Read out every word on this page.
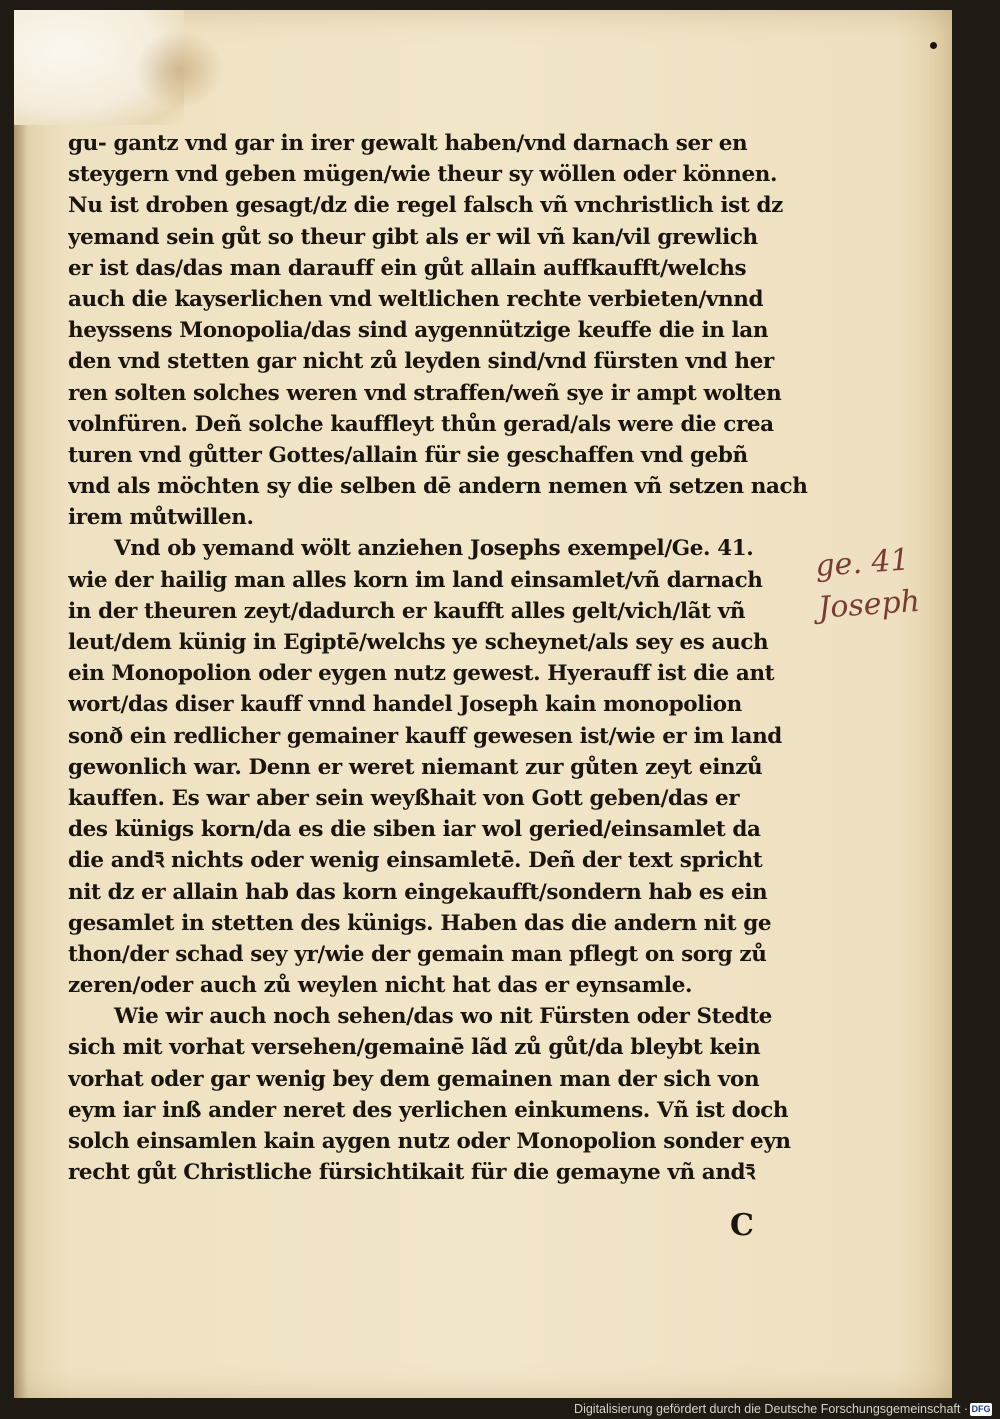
gu- gantz vnd gar in irer gewalt haben/vnd darnach ser en
steygern vnd geben mügen/wie theur sy wöllen oder können.
Nu ist droben gesagt/dz die regel falsch vñ vnchristlich ist dz
yemand sein gůt so theur gibt als er wil vñ kan/vil grewlich
er ist das/das man darauff ein gůt allain auffkaufft/welchs
auch die kayserlichen vnd weltlichen rechte verbieten/vnnd
heyssens Monopolia/das sind aygennützige keuffe die in lan
den vnd stetten gar nicht zů leyden sind/vnd fürsten vnd her
ren solten solches weren vnd straffen/weñ sye ir ampt wolten
volnfüren. Deñ solche kauffleyt thůn gerad/als were die crea
turen vnd gůtter Gottes/allain für sie geschaffen vnd gebñ
vnd als möchten sy die selben dē andern nemen vñ setzen nach
irem můtwillen.
Vnd ob yemand wölt anziehen Josephs exempel/Ge. 41.
wie der hailig man alles korn im land einsamlet/vñ darnach
in der theuren zeyt/dadurch er kaufft alles gelt/vich/lãt vñ
leut/dem künig in Egiptē/welchs ye scheynet/als sey es auch
ein Monopolion oder eygen nutz gewest. Hyerauff ist die ant
wort/das diser kauff vnnd handel Joseph kain monopolion
sonð ein redlicher gemainer kauff gewesen ist/wie er im land
gewonlich war. Denn er weret niemant zur gůten zeyt einzů
kauffen. Es war aber sein weyßhait von Gott geben/das er
des künigs korn/da es die siben iar wol geried/einsamlet da
die andꝛ̄ nichts oder wenig einsamletē. Deñ der text spricht
nit dz er allain hab das korn eingekaufft/sondern hab es ein
gesamlet in stetten des künigs. Haben das die andern nit ge
thon/der schad sey yr/wie der gemain man pflegt on sorg zů
zeren/oder auch zů weylen nicht hat das er eynsamle.
Wie wir auch noch sehen/das wo nit Fürsten oder Stedte
sich mit vorhat versehen/gemainē lãd zů gůt/da bleybt kein
vorhat oder gar wenig bey dem gemainen man der sich von
eym iar inß ander neret des yerlichen einkumens. Vñ ist doch
solch einsamlen kain aygen nutz oder Monopolion sonder eyn
recht gůt Christliche fürsichtikait für die gemayne vñ andꝛ̄
C
ge. 41
Joseph
Digitalisierung gefördert durch die Deutsche Forschungsgemeinschaft · DFG
